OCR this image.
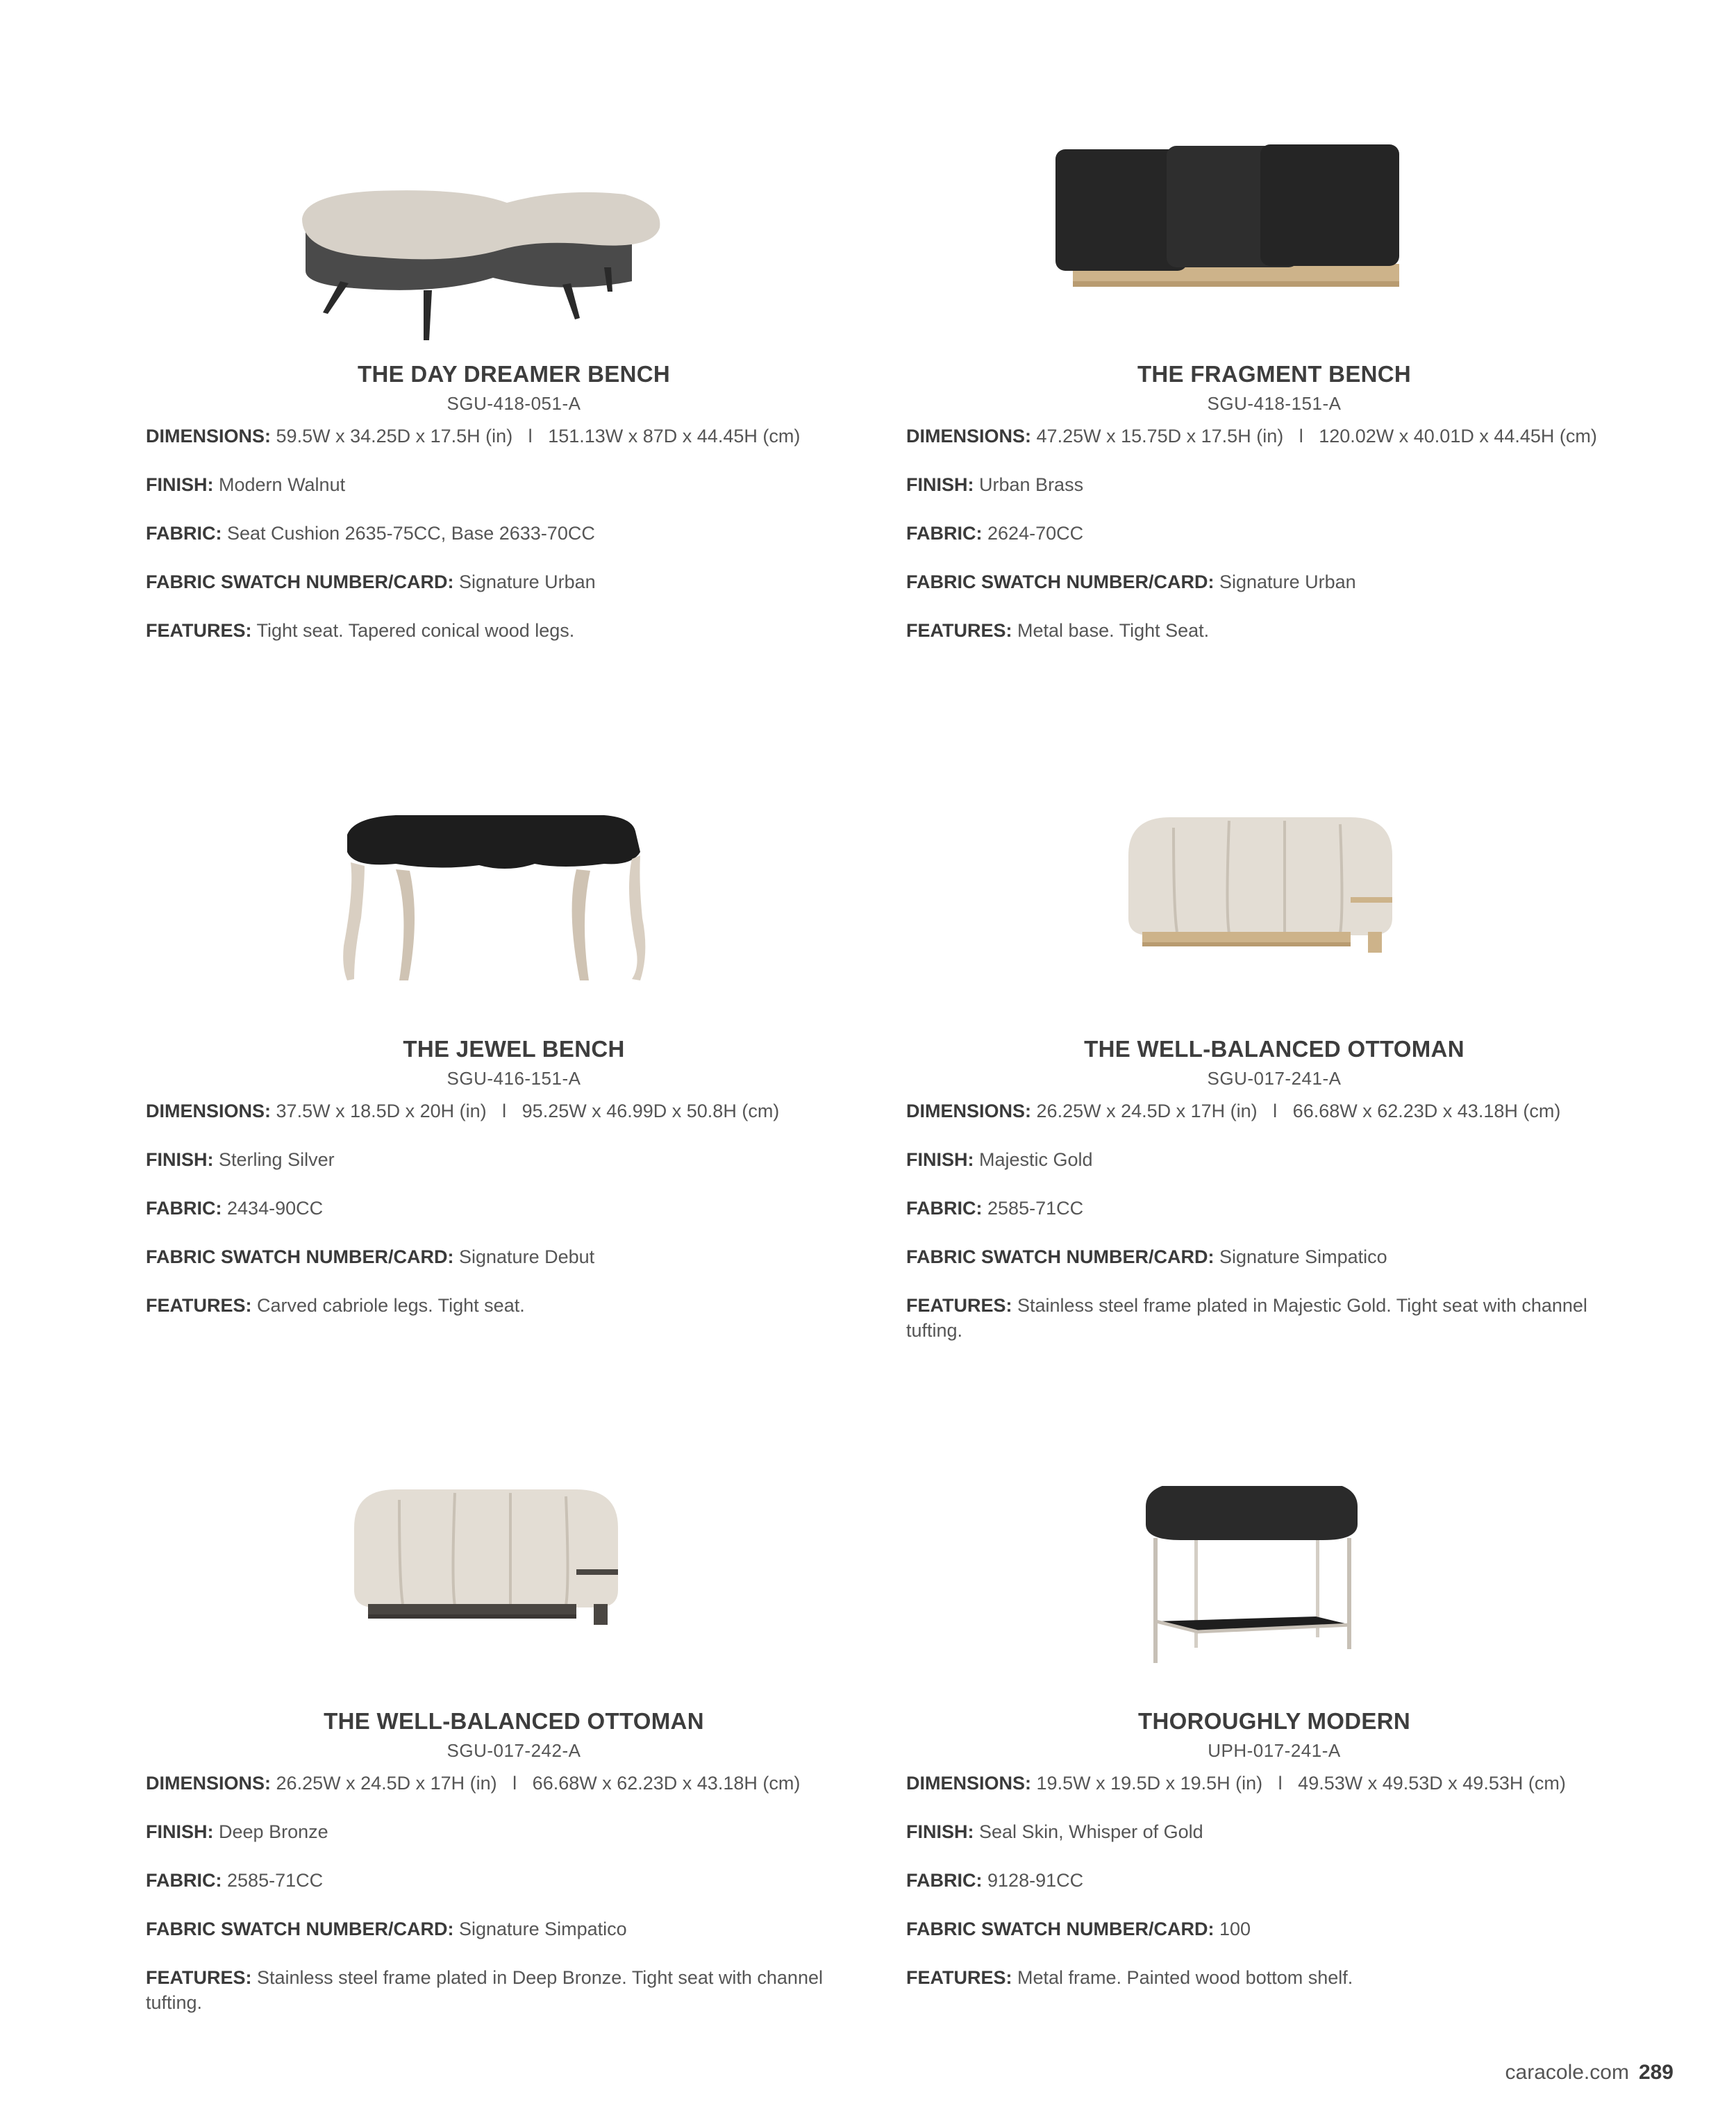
THE DAY DREAMER BENCH
SGU-418-051-A
DIMENSIONS: 59.5W x 34.25D x 17.5H (in)   l   151.13W x 87D x 44.45H (cm)
FINISH: Modern Walnut
FABRIC: Seat Cushion 2635-75CC, Base 2633-70CC
FABRIC SWATCH NUMBER/CARD: Signature Urban
FEATURES: Tight seat. Tapered conical wood legs.
THE FRAGMENT BENCH
SGU-418-151-A
DIMENSIONS: 47.25W x 15.75D x 17.5H (in)   l   120.02W x 40.01D x 44.45H (cm)
FINISH: Urban Brass
FABRIC: 2624-70CC
FABRIC SWATCH NUMBER/CARD: Signature Urban
FEATURES: Metal base. Tight Seat.
THE JEWEL BENCH
SGU-416-151-A
DIMENSIONS: 37.5W x 18.5D x 20H (in)   l   95.25W x 46.99D x 50.8H (cm)
FINISH: Sterling Silver
FABRIC: 2434-90CC
FABRIC SWATCH NUMBER/CARD: Signature Debut
FEATURES: Carved cabriole legs. Tight seat.
THE WELL-BALANCED OTTOMAN
SGU-017-241-A
DIMENSIONS: 26.25W x 24.5D x 17H (in)   l   66.68W x 62.23D x 43.18H (cm)
FINISH: Majestic Gold
FABRIC: 2585-71CC
FABRIC SWATCH NUMBER/CARD: Signature Simpatico
FEATURES: Stainless steel frame plated in Majestic Gold. Tight seat with channel tufting.
THE WELL-BALANCED OTTOMAN
SGU-017-242-A
DIMENSIONS: 26.25W x 24.5D x 17H (in)   l   66.68W x 62.23D x 43.18H (cm)
FINISH: Deep Bronze
FABRIC: 2585-71CC
FABRIC SWATCH NUMBER/CARD: Signature Simpatico
FEATURES: Stainless steel frame plated in Deep Bronze. Tight seat with channel tufting.
THOROUGHLY MODERN
UPH-017-241-A
DIMENSIONS: 19.5W x 19.5D x 19.5H (in)   l   49.53W x 49.53D x 49.53H (cm)
FINISH: Seal Skin, Whisper of Gold
FABRIC: 9128-91CC
FABRIC SWATCH NUMBER/CARD: 100
FEATURES: Metal frame. Painted wood bottom shelf.
caracole.com 289
